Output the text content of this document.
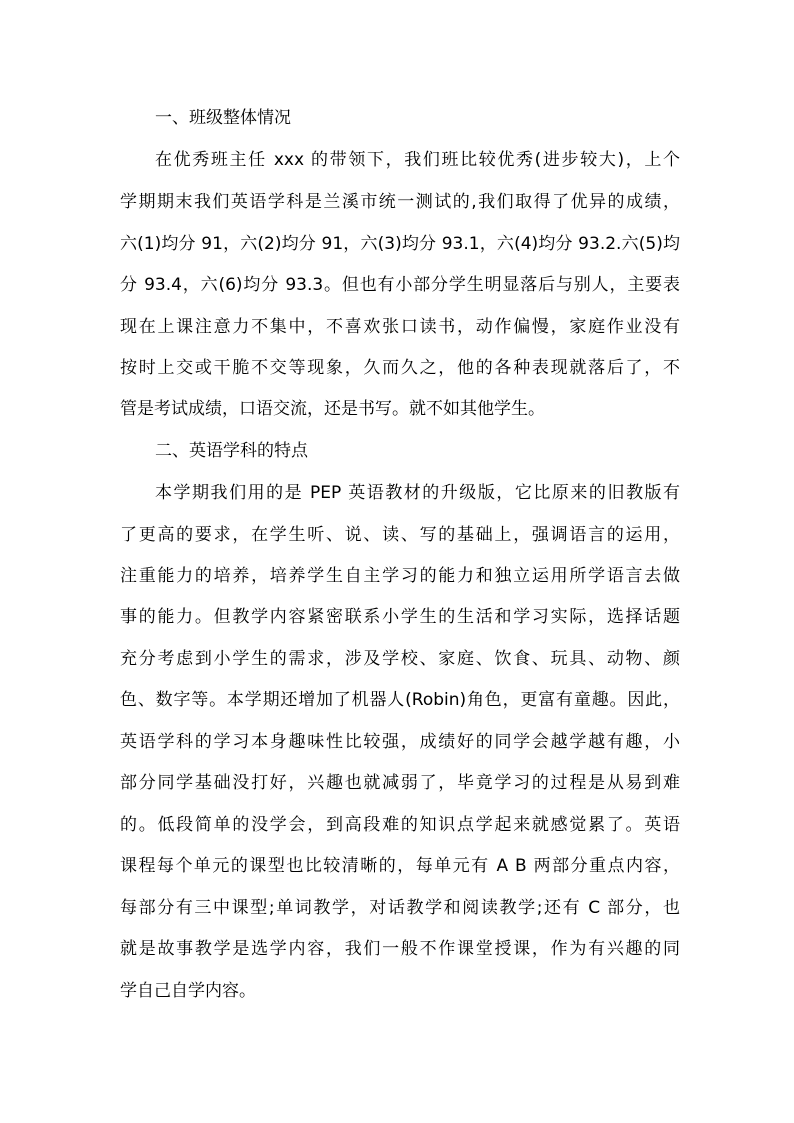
一、班级整体情况
在优秀班主任 xxx 的带领下，我们班比较优秀(进步较大)，上个
学期期末我们英语学科是兰溪市统一测试的,我们取得了优异的成绩，
六(1)均分 91，六(2)均分 91，六(3)均分 93.1，六(4)均分 93.2.六(5)均
分 93.4，六(6)均分 93.3。但也有小部分学生明显落后与别人，主要表
现在上课注意力不集中，不喜欢张口读书，动作偏慢，家庭作业没有
按时上交或干脆不交等现象，久而久之，他的各种表现就落后了，不
管是考试成绩，口语交流，还是书写。就不如其他学生。
二、英语学科的特点
本学期我们用的是 PEP 英语教材的升级版，它比原来的旧教版有
了更高的要求，在学生听、说、读、写的基础上，强调语言的运用，
注重能力的培养，培养学生自主学习的能力和独立运用所学语言去做
事的能力。但教学内容紧密联系小学生的生活和学习实际，选择话题
充分考虑到小学生的需求，涉及学校、家庭、饮食、玩具、动物、颜
色、数字等。本学期还增加了机器人(Robin)角色，更富有童趣。因此，
英语学科的学习本身趣味性比较强，成绩好的同学会越学越有趣，小
部分同学基础没打好，兴趣也就减弱了，毕竟学习的过程是从易到难
的。低段简单的没学会，到高段难的知识点学起来就感觉累了。英语
课程每个单元的课型也比较清晰的，每单元有 A B 两部分重点内容，
每部分有三中课型;单词教学，对话教学和阅读教学;还有 C 部分，也
就是故事教学是选学内容，我们一般不作课堂授课，作为有兴趣的同
学自己自学内容。
